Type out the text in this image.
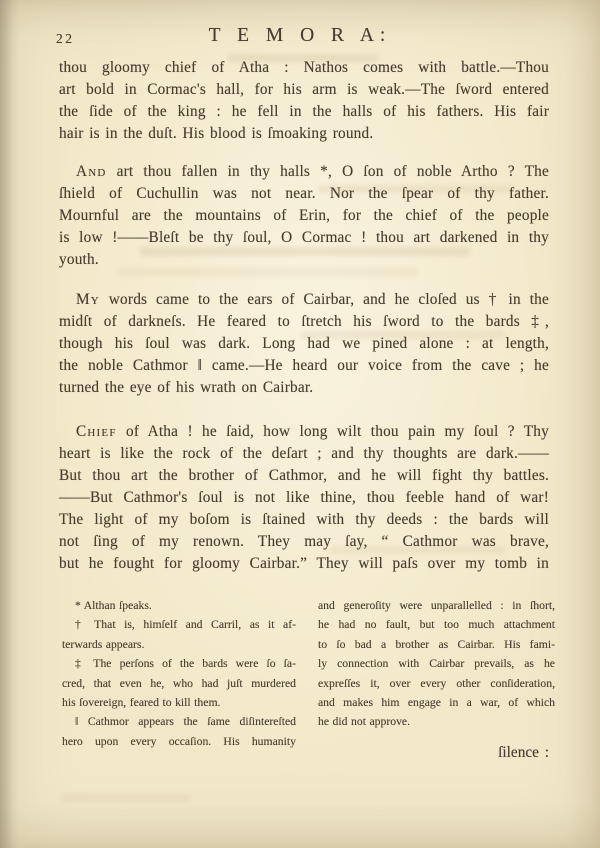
22	T E M O R A:
thou gloomy chief of Atha : Nathos comes with battle.—Thou
art bold in Cormac's hall, for his arm is weak.—The ſword entered
the ſide of the king : he fell in the halls of his fathers. His fair
hair is in the duſt. His blood is ſmoaking round.
And art thou fallen in thy halls *, O ſon of noble Artho ? The
ſhield of Cuchullin was not near. Nor the ſpear of thy father.
Mournful are the mountains of Erin, for the chief of the people
is low !——Bleſt be thy ſoul, O Cormac ! thou art darkened in thy
youth.
My words came to the ears of Cairbar, and he cloſed us † in the
midſt of darkneſs. He feared to ſtretch his ſword to the bards ‡,
though his ſoul was dark. Long had we pined alone : at length,
the noble Cathmor ‖ came.—He heard our voice from the cave ; he
turned the eye of his wrath on Cairbar.
Chief of Atha ! he ſaid, how long wilt thou pain my ſoul ? Thy
heart is like the rock of the deſart ; and thy thoughts are dark.——
But thou art the brother of Cathmor, and he will fight thy battles.
——But Cathmor's ſoul is not like thine, thou feeble hand of war!
The light of my boſom is ſtained with thy deeds : the bards will
not ſing of my renown. They may ſay, “ Cathmor was brave,
but he fought for gloomy Cairbar.” They will paſs over my tomb in
* Althan ſpeaks.
† That is, himſelf and Carril, as it af-
terwards appears.
‡ The perſons of the bards were ſo ſa-
cred, that even he, who had juſt murdered
his ſovereign, feared to kill them.
‖ Cathmor appears the ſame diſintereſted
hero upon every occaſion. His humanity
and generoſity were unparallelled : in ſhort,
he had no fault, but too much attachment
to ſo bad a brother as Cairbar. His fami-
ly connection with Cairbar prevails, as he
expreſſes it, over every other conſideration,
and makes him engage in a war, of which
he did not approve.
ſilence :
